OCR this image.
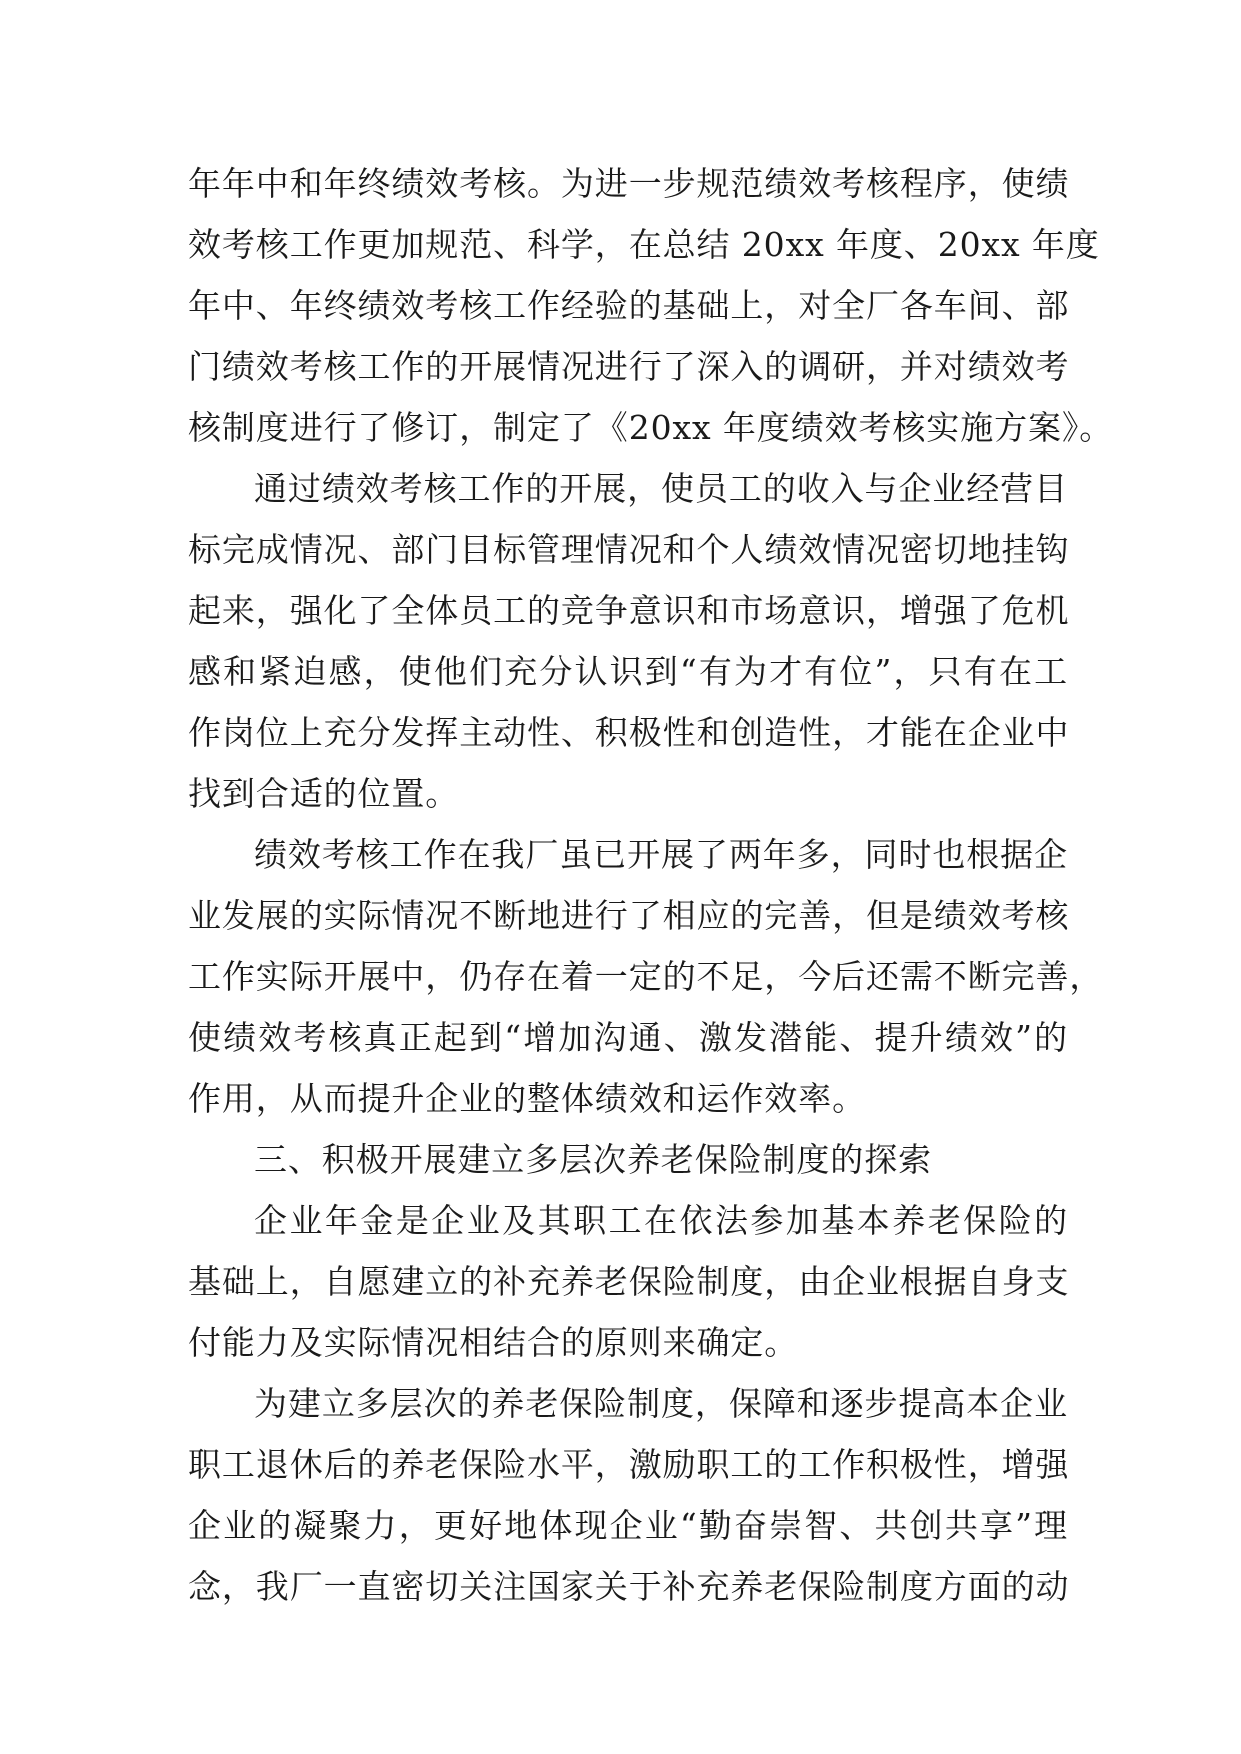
年年中和年终绩效考核。为进一步规范绩效考核程序，使绩
效考核工作更加规范、科学，在总结 20xx 年度、20xx 年度
年中、年终绩效考核工作经验的基础上，对全厂各车间、部
门绩效考核工作的开展情况进行了深入的调研，并对绩效考
核制度进行了修订，制定了《20xx 年度绩效考核实施方案》。
通过绩效考核工作的开展，使员工的收入与企业经营目
标完成情况、部门目标管理情况和个人绩效情况密切地挂钩
起来，强化了全体员工的竞争意识和市场意识，增强了危机
感和紧迫感，使他们充分认识到“有为才有位”，只有在工
作岗位上充分发挥主动性、积极性和创造性，才能在企业中
找到合适的位置。
绩效考核工作在我厂虽已开展了两年多，同时也根据企
业发展的实际情况不断地进行了相应的完善，但是绩效考核
工作实际开展中，仍存在着一定的不足，今后还需不断完善，
使绩效考核真正起到“增加沟通、激发潜能、提升绩效”的
作用，从而提升企业的整体绩效和运作效率。
三、积极开展建立多层次养老保险制度的探索
企业年金是企业及其职工在依法参加基本养老保险的
基础上，自愿建立的补充养老保险制度，由企业根据自身支
付能力及实际情况相结合的原则来确定。
为建立多层次的养老保险制度，保障和逐步提高本企业
职工退休后的养老保险水平，激励职工的工作积极性，增强
企业的凝聚力，更好地体现企业“勤奋崇智、共创共享”理
念，我厂一直密切关注国家关于补充养老保险制度方面的动
